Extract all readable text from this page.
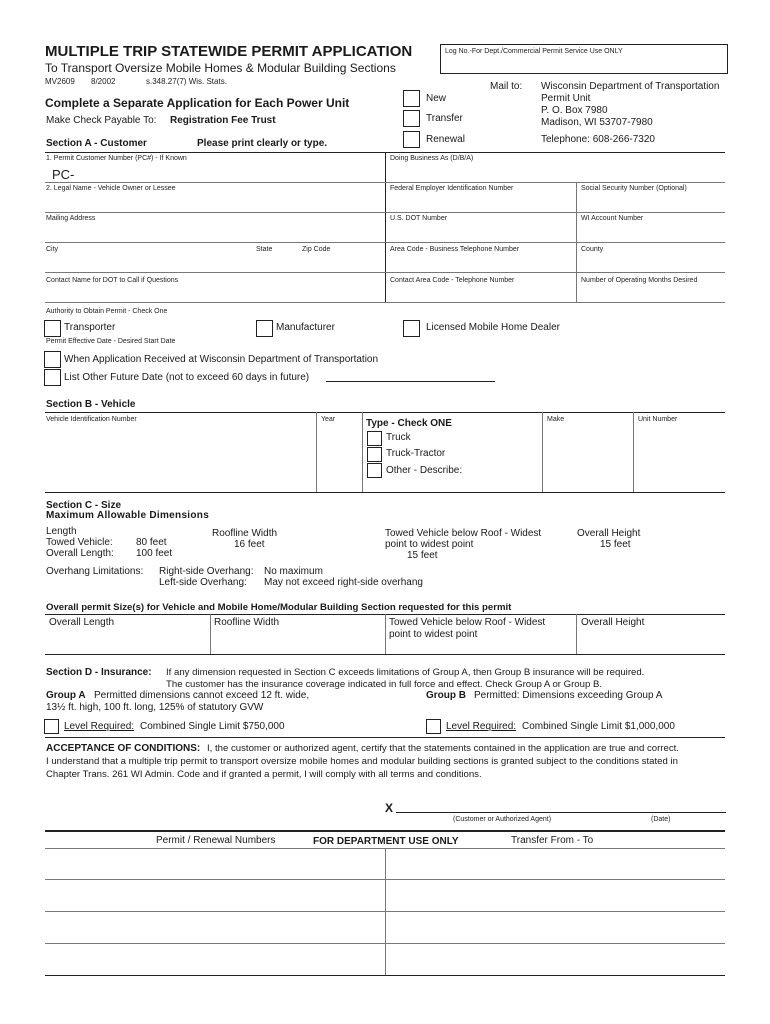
MULTIPLE TRIP STATEWIDE PERMIT APPLICATION
To Transport Oversize Mobile Homes & Modular Building Sections
MV2609 8/2002	s.348.27(7) Wis. Stats.
Log No.-For Dept./Commercial Permit Service Use ONLY
Complete a Separate Application for Each Power Unit
Make Check Payable To: Registration Fee Trust
New
Transfer
Renewal
Mail to: Wisconsin Department of Transportation
Permit Unit
P. O. Box 7980
Madison, WI 53707-7980
Telephone: 608-266-7320
Section A - Customer	Please print clearly or type.
1. Permit Customer Number (PC#) - If Known
PC-
Doing Business As (D/B/A)
2. Legal Name - Vehicle Owner or Lessee	Federal Employer Identification Number	Social Security Number (Optional)
Mailing Address	U.S. DOT Number	WI Account Number
City	State	Zip Code	Area Code - Business Telephone Number	County
Contact Name for DOT to Call if Questions	Contact Area Code - Telephone Number	Number of Operating Months Desired
Authority to Obtain Permit - Check One
Transporter	Manufacturer	Licensed Mobile Home Dealer
Permit Effective Date - Desired Start Date
When Application Received at Wisconsin Department of Transportation
List Other Future Date (not to exceed 60 days in future)
Section B - Vehicle
Vehicle Identification Number	Year	Type - Check ONE
Truck
Truck-Tractor
Other - Describe:
Make	Unit Number
Section C - Size
Maximum Allowable Dimensions
Length
Towed Vehicle: 80 feet
Overall Length: 100 feet
Roofline Width
16 feet
Towed Vehicle below Roof - Widest
point to widest point
15 feet
Overall Height
15 feet
Overhang Limitations: Right-side Overhang: No maximum
Left-side Overhang: May not exceed right-side overhang
Overall permit Size(s) for Vehicle and Mobile Home/Modular Building Section requested for this permit
Overall Length	Roofline Width	Towed Vehicle below Roof - Widest
point to widest point
Overall Height
Section D - Insurance: If any dimension requested in Section C exceeds limitations of Group A, then Group B insurance will be required.
The customer has the insurance coverage indicated in full force and effect. Check Group A or Group B.
Group A Permitted dimensions cannot exceed 12 ft. wide,
13½ ft. high, 100 ft. long, 125% of statutory GVW
Group B Permitted: Dimensions exceeding Group A
Level Required: Combined Single Limit $750,000	Level Required: Combined Single Limit $1,000,000
ACCEPTANCE OF CONDITIONS: I, the customer or authorized agent, certify that the statements contained in the application are true and correct.
I understand that a multiple trip permit to transport oversize mobile homes and modular building sections is granted subject to the conditions stated in
Chapter Trans. 261 WI Admin. Code and if granted a permit, I will comply with all terms and conditions.
X
(Customer or Authorized Agent)	(Date)
Permit / Renewal Numbers	FOR DEPARTMENT USE ONLY	Transfer From - To
